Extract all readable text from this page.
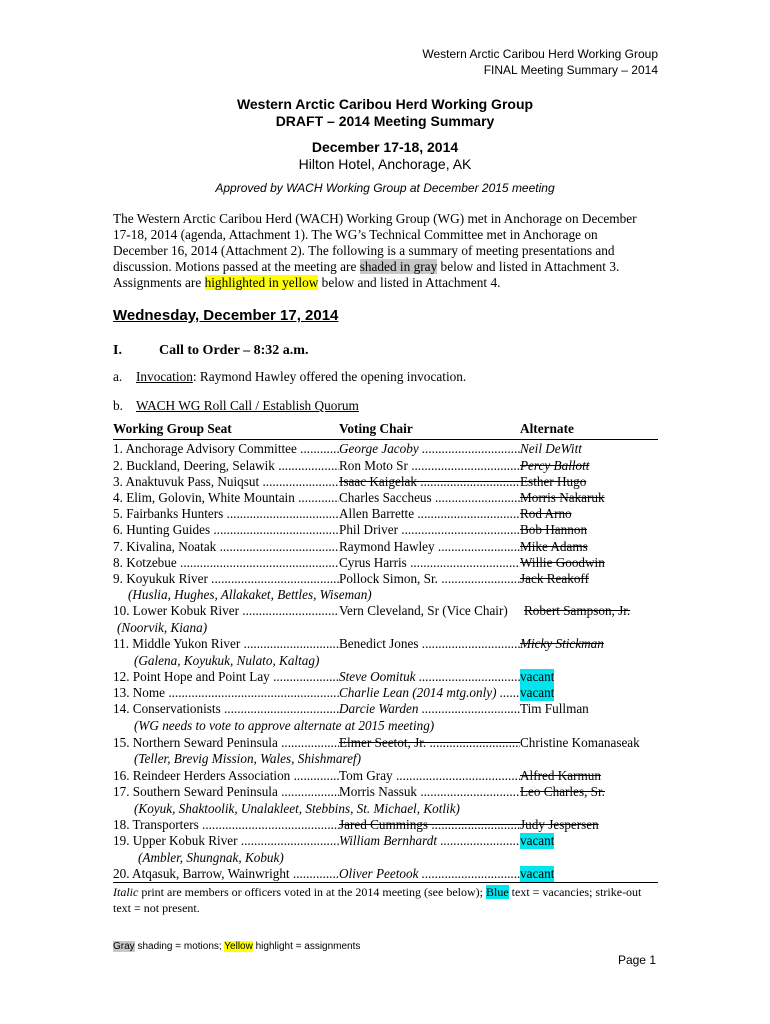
Western Arctic Caribou Herd Working Group
FINAL Meeting Summary – 2014
Western Arctic Caribou Herd Working Group
DRAFT – 2014 Meeting Summary
December 17-18, 2014
Hilton Hotel, Anchorage, AK
Approved by WACH Working Group at December 2015 meeting
The Western Arctic Caribou Herd (WACH) Working Group (WG) met in Anchorage on December 17-18, 2014 (agenda, Attachment 1). The WG’s Technical Committee met in Anchorage on December 16, 2014 (Attachment 2). The following is a summary of meeting presentations and discussion. Motions passed at the meeting are shaded in gray below and listed in Attachment 3. Assignments are highlighted in yellow below and listed in Attachment 4.
Wednesday, December 17, 2014
I.	Call to Order – 8:32 a.m.
a. Invocation: Raymond Hawley offered the opening invocation.
b. WACH WG Roll Call / Establish Quorum
Working Group Seat	Voting Chair	Alternate
1. Anchorage Advisory Committee .....	George Jacoby .....	Neil DeWitt
2. Buckland, Deering, Selawik .....	Ron Moto Sr .....	Percy Ballott
3. Anaktuvuk Pass, Nuiqsut .....	Isaac Kaigelak .....	Esther Hugo
4. Elim, Golovin, White Mountain .....	Charles Saccheus .....	Morris Nakaruk
5. Fairbanks Hunters .....	Allen Barrette .....	Rod Arno
6. Hunting Guides .....	Phil Driver .....	Bob Hannon
7. Kivalina, Noatak .....	Raymond Hawley .....	Mike Adams
8. Kotzebue .....	Cyrus Harris .....	Willie Goodwin
9. Koyukuk River .....	Pollock Simon, Sr. .....	Jack Reakoff
(Huslia, Hughes, Allakaket, Bettles, Wiseman)
10. Lower Kobuk River .....	Vern Cleveland, Sr (Vice Chair)	Robert Sampson, Jr.
(Noorvik, Kiana)
11. Middle Yukon River .....	Benedict Jones .....	Micky Stickman
(Galena, Koyukuk, Nulato, Kaltag)
12. Point Hope and Point Lay .....	Steve Oomituk .....	vacant
13. Nome .....	Charlie Lean (2014 mtg.only) .....	vacant
14. Conservationists .....	Darcie Warden .....	Tim Fullman
(WG needs to vote to approve alternate at 2015 meeting)
15. Northern Seward Peninsula .....	Elmer Seetot, Jr. .....	Christine Komanaseak
(Teller, Brevig Mission, Wales, Shishmaref)
16. Reindeer Herders Association .....	Tom Gray .....	Alfred Karmun
17. Southern Seward Peninsula .....	Morris Nassuk .....	Leo Charles, Sr.
(Koyuk, Shaktoolik, Unalakleet, Stebbins, St. Michael, Kotlik)
18. Transporters .....	Jared Cummings .....	Judy Jespersen
19. Upper Kobuk River .....	William Bernhardt .....	vacant
(Ambler, Shungnak, Kobuk)
20. Atqasuk, Barrow, Wainwright .....	Oliver Peetook .....	vacant
Italic print are members or officers voted in at the 2014 meeting (see below); Blue text = vacancies; strike-out text = not present.
Gray shading = motions; Yellow highlight = assignments
Page 1
